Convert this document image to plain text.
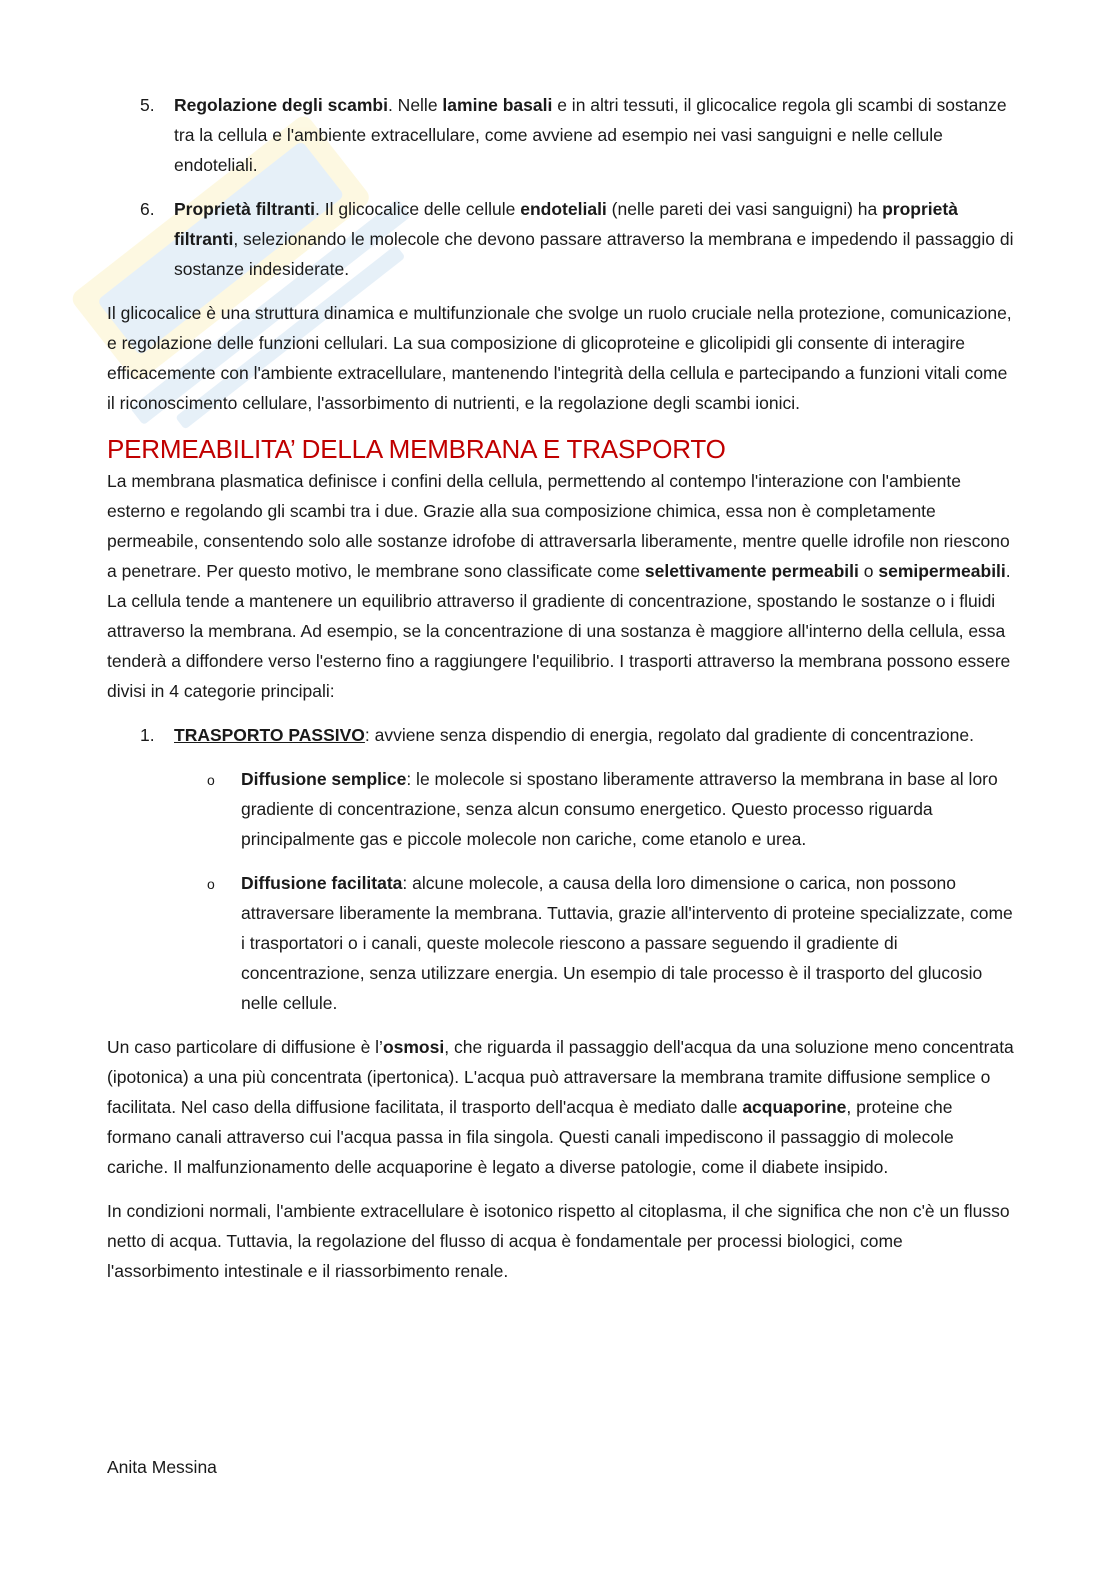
5. Regolazione degli scambi. Nelle lamine basali e in altri tessuti, il glicocalice regola gli scambi di sostanze tra la cellula e l'ambiente extracellulare, come avviene ad esempio nei vasi sanguigni e nelle cellule endoteliali.
6. Proprietà filtranti. Il glicocalice delle cellule endoteliali (nelle pareti dei vasi sanguigni) ha proprietà filtranti, selezionando le molecole che devono passare attraverso la membrana e impedendo il passaggio di sostanze indesiderate.

Il glicocalice è una struttura dinamica e multifunzionale che svolge un ruolo cruciale nella protezione, comunicazione, e regolazione delle funzioni cellulari. La sua composizione di glicoproteine e glicolipidi gli consente di interagire efficacemente con l'ambiente extracellulare, mantenendo l'integrità della cellula e partecipando a funzioni vitali come il riconoscimento cellulare, l'assorbimento di nutrienti, e la regolazione degli scambi ionici.

PERMEABILITA’ DELLA MEMBRANA E TRASPORTO

La membrana plasmatica definisce i confini della cellula, permettendo al contempo l'interazione con l'ambiente esterno e regolando gli scambi tra i due. Grazie alla sua composizione chimica, essa non è completamente permeabile, consentendo solo alle sostanze idrofobe di attraversarla liberamente, mentre quelle idrofile non riescono a penetrare. Per questo motivo, le membrane sono classificate come selettivamente permeabili o semipermeabili. La cellula tende a mantenere un equilibrio attraverso il gradiente di concentrazione, spostando le sostanze o i fluidi attraverso la membrana. Ad esempio, se la concentrazione di una sostanza è maggiore all'interno della cellula, essa tenderà a diffondere verso l'esterno fino a raggiungere l'equilibrio. I trasporti attraverso la membrana possono essere divisi in 4 categorie principali:

1. TRASPORTO PASSIVO: avviene senza dispendio di energia, regolato dal gradiente di concentrazione.
o Diffusione semplice: le molecole si spostano liberamente attraverso la membrana in base al loro gradiente di concentrazione, senza alcun consumo energetico. Questo processo riguarda principalmente gas e piccole molecole non cariche, come etanolo e urea.
o Diffusione facilitata: alcune molecole, a causa della loro dimensione o carica, non possono attraversare liberamente la membrana. Tuttavia, grazie all'intervento di proteine specializzate, come i trasportatori o i canali, queste molecole riescono a passare seguendo il gradiente di concentrazione, senza utilizzare energia. Un esempio di tale processo è il trasporto del glucosio nelle cellule.

Un caso particolare di diffusione è l’osmosi, che riguarda il passaggio dell'acqua da una soluzione meno concentrata (ipotonica) a una più concentrata (ipertonica). L'acqua può attraversare la membrana tramite diffusione semplice o facilitata. Nel caso della diffusione facilitata, il trasporto dell'acqua è mediato dalle acquaporine, proteine che formano canali attraverso cui l'acqua passa in fila singola. Questi canali impediscono il passaggio di molecole cariche. Il malfunzionamento delle acquaporine è legato a diverse patologie, come il diabete insipido.

In condizioni normali, l'ambiente extracellulare è isotonico rispetto al citoplasma, il che significa che non c'è un flusso netto di acqua. Tuttavia, la regolazione del flusso di acqua è fondamentale per processi biologici, come l'assorbimento intestinale e il riassorbimento renale.

Anita Messina
